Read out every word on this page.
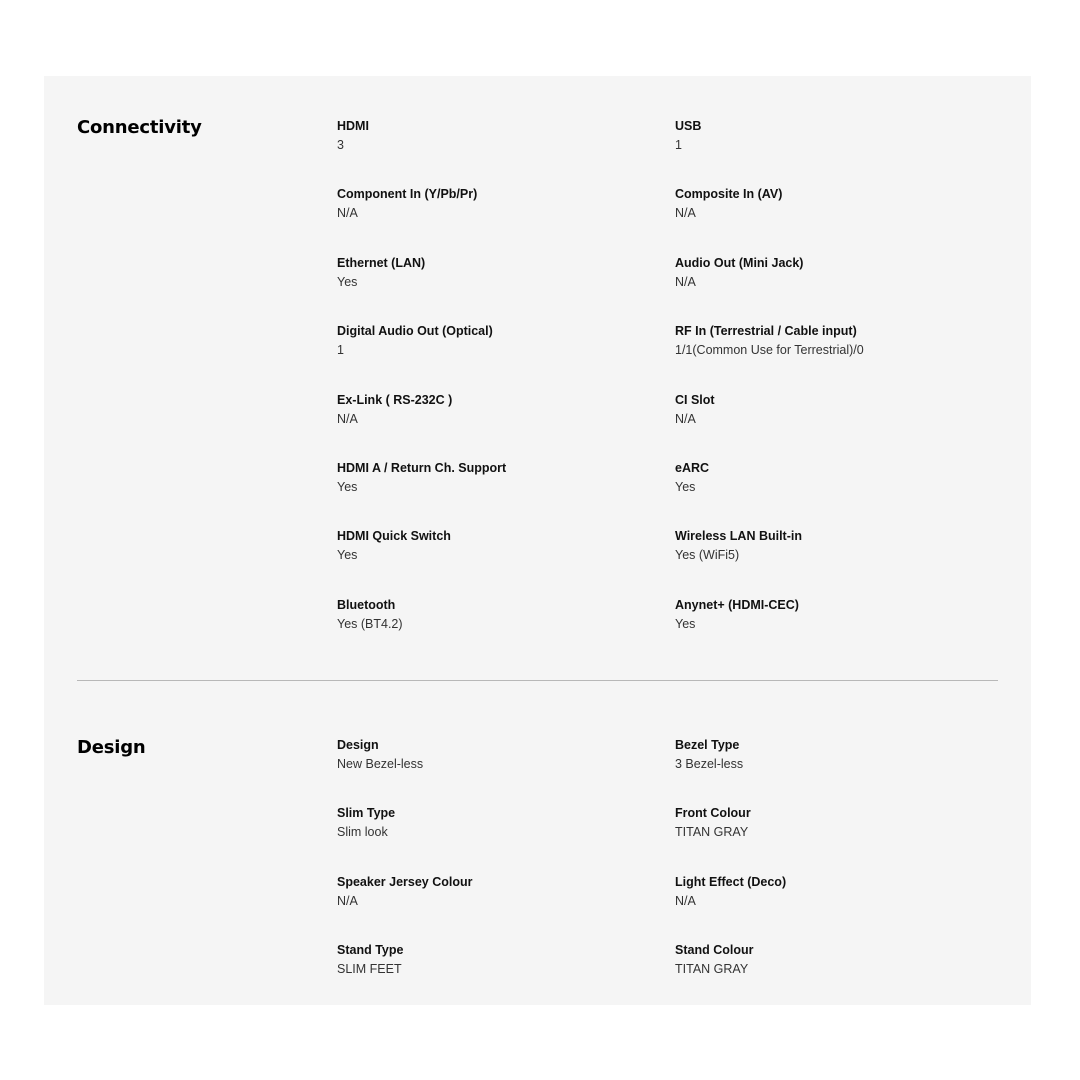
Connectivity	HDMI
3
USB
1
Component In (Y/Pb/Pr)
N/A
Composite In (AV)
N/A
Ethernet (LAN)
Yes
Audio Out (Mini Jack)
N/A
Digital Audio Out (Optical)
1
RF In (Terrestrial / Cable input)
1/1(Common Use for Terrestrial)/0
Ex-Link ( RS-232C )
N/A
CI Slot
N/A
HDMI A / Return Ch. Support
Yes
eARC
Yes
HDMI Quick Switch
Yes
Wireless LAN Built-in
Yes (WiFi5)
Bluetooth
Yes (BT4.2)
Anynet+ (HDMI-CEC)
Yes
Design	Design
New Bezel-less
Bezel Type
3 Bezel-less
Slim Type
Slim look
Front Colour
TITAN GRAY
Speaker Jersey Colour
N/A
Light Effect (Deco)
N/A
Stand Type
SLIM FEET
Stand Colour
TITAN GRAY
